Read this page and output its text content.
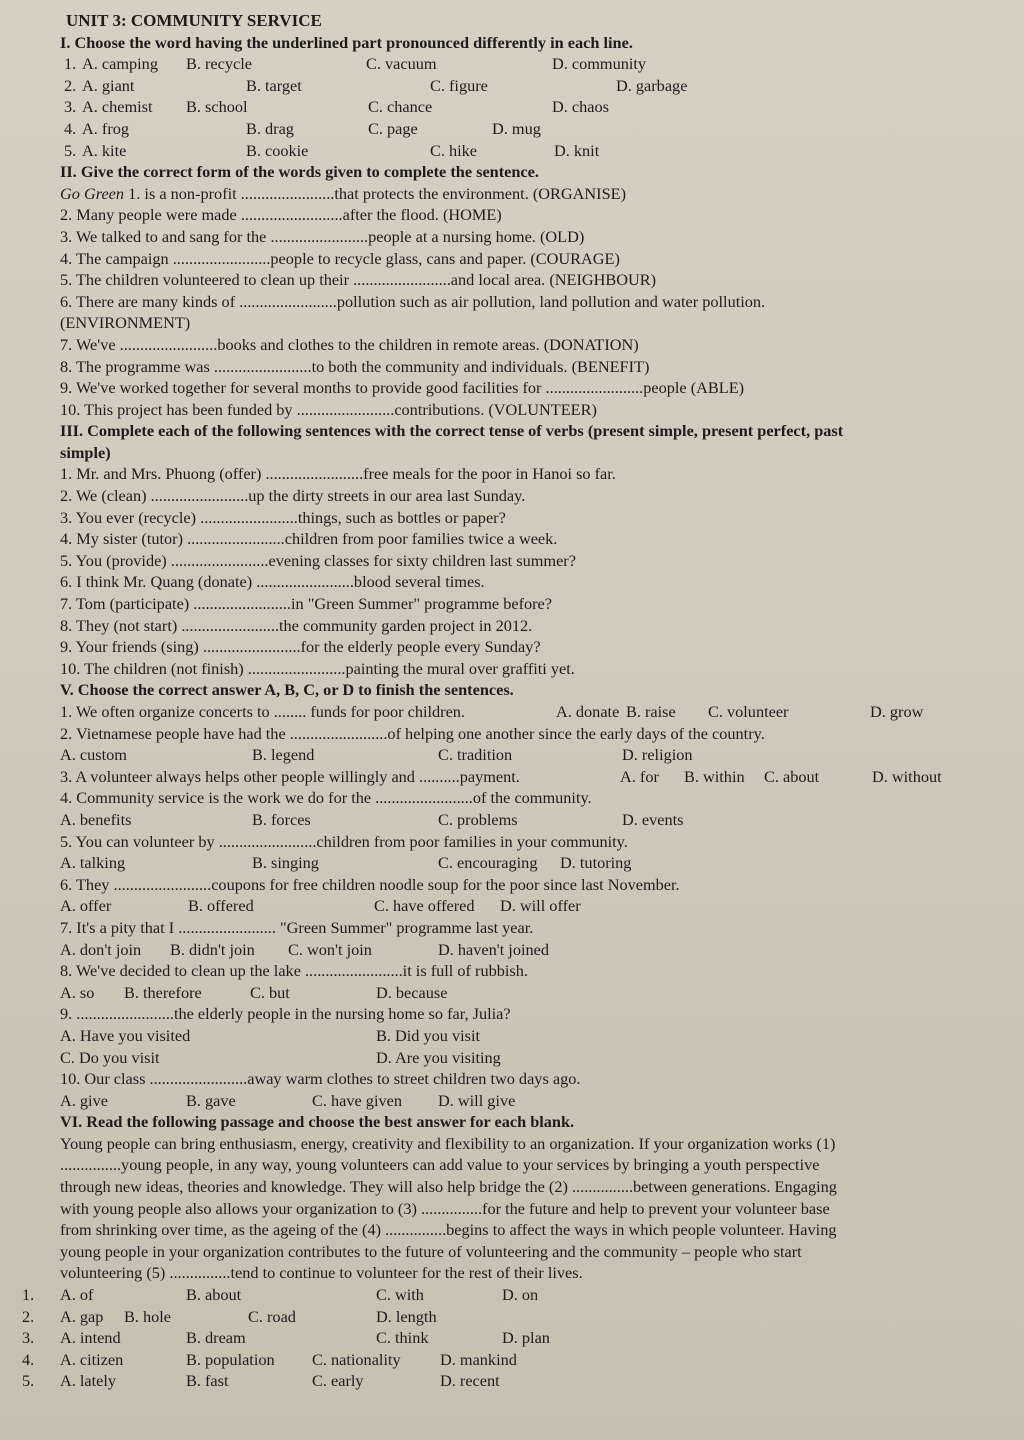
UNIT 3: COMMUNITY SERVICE
I. Choose the word having the underlined part pronounced differently in each line.
1. A. camping B. recycle	C. vacuum	D. community
2. A. giant	B. target	C. figure	D. garbage
3. A. chemist B. school	C. chance	D. chaos
4. A. frog	B. drag	C. page	D. mug
5. A. kite	B. cookie	C. hike	D. knit
II. Give the correct form of the words given to complete the sentence.
Go Green 1. is a non-profit .......................that protects the environment. (ORGANISE)
2. Many people were made .........................after the flood. (HOME)
3. We talked to and sang for the ........................people at a nursing home. (OLD)
4. The campaign ........................people to recycle glass, cans and paper. (COURAGE)
5. The children volunteered to clean up their ........................and local area. (NEIGHBOUR)
6. There are many kinds of ........................pollution such as air pollution, land pollution and water pollution.
(ENVIRONMENT)
7. We've ........................books and clothes to the children in remote areas. (DONATION)
8. The programme was ........................to both the community and individuals. (BENEFIT)
9. We've worked together for several months to provide good facilities for ........................people (ABLE)
10. This project has been funded by ........................contributions. (VOLUNTEER)
III. Complete each of the following sentences with the correct tense of verbs (present simple, present perfect, past
simple)
1. Mr. and Mrs. Phuong (offer) ........................free meals for the poor in Hanoi so far.
2. We (clean) ........................up the dirty streets in our area last Sunday.
3. You ever (recycle) ........................things, such as bottles or paper?
4. My sister (tutor) ........................children from poor families twice a week.
5. You (provide) ........................evening classes for sixty children last summer?
6. I think Mr. Quang (donate) ........................blood several times.
7. Tom (participate) ........................in "Green Summer" programme before?
8. They (not start) ........................the community garden project in 2012.
9. Your friends (sing) ........................for the elderly people every Sunday?
10. The children (not finish) ........................painting the mural over graffiti yet.
V. Choose the correct answer A, B, C, or D to finish the sentences.
1. We often organize concerts to ........ funds for poor children.	A. donate B. raise C. volunteer	D. grow
2. Vietnamese people have had the ........................of helping one another since the early days of the country.
A. custom	B. legend	C. tradition	D. religion
3. A volunteer always helps other people willingly and ..........payment.	A. for B. within C. about	D. without
4. Community service is the work we do for the ........................of the community.
A. benefits	B. forces	C. problems	D. events
5. You can volunteer by ........................children from poor families in your community.
A. talking	B. singing	C. encouraging D. tutoring
6. They ........................coupons for free children noodle soup for the poor since last November.
A. offer	B. offered	C. have offered D. will offer
7. It's a pity that I ........................ "Green Summer" programme last year.
A. don't join B. didn't join C. won't join	D. haven't joined
8. We've decided to clean up the lake ........................it is full of rubbish.
A. so B. therefore	C. but	D. because
9. ........................the elderly people in the nursing home so far, Julia?
A. Have you visited	B. Did you visit
C. Do you visit	D. Are you visiting
10. Our class ........................away warm clothes to street children two days ago.
A. give	B. gave	C. have given D. will give
VI. Read the following passage and choose the best answer for each blank.
Young people can bring enthusiasm, energy, creativity and flexibility to an organization. If your organization works (1)
...............young people, in any way, young volunteers can add value to your services by bringing a youth perspective
through new ideas, theories and knowledge. They will also help bridge the (2) ...............between generations. Engaging
with young people also allows your organization to (3) ...............for the future and help to prevent your volunteer base
from shrinking over time, as the ageing of the (4) ...............begins to affect the ways in which people volunteer. Having
young people in your organization contributes to the future of volunteering and the community – people who start
volunteering (5) ...............tend to continue to volunteer for the rest of their lives.
1. A. of	B. about	C. with	D. on
2. A. gap B. hole	C. road	D. length
3. A. intend	B. dream	C. think	D. plan
4. A. citizen	B. population C. nationality D. mankind
5. A. lately	B. fast	C. early	D. recent
